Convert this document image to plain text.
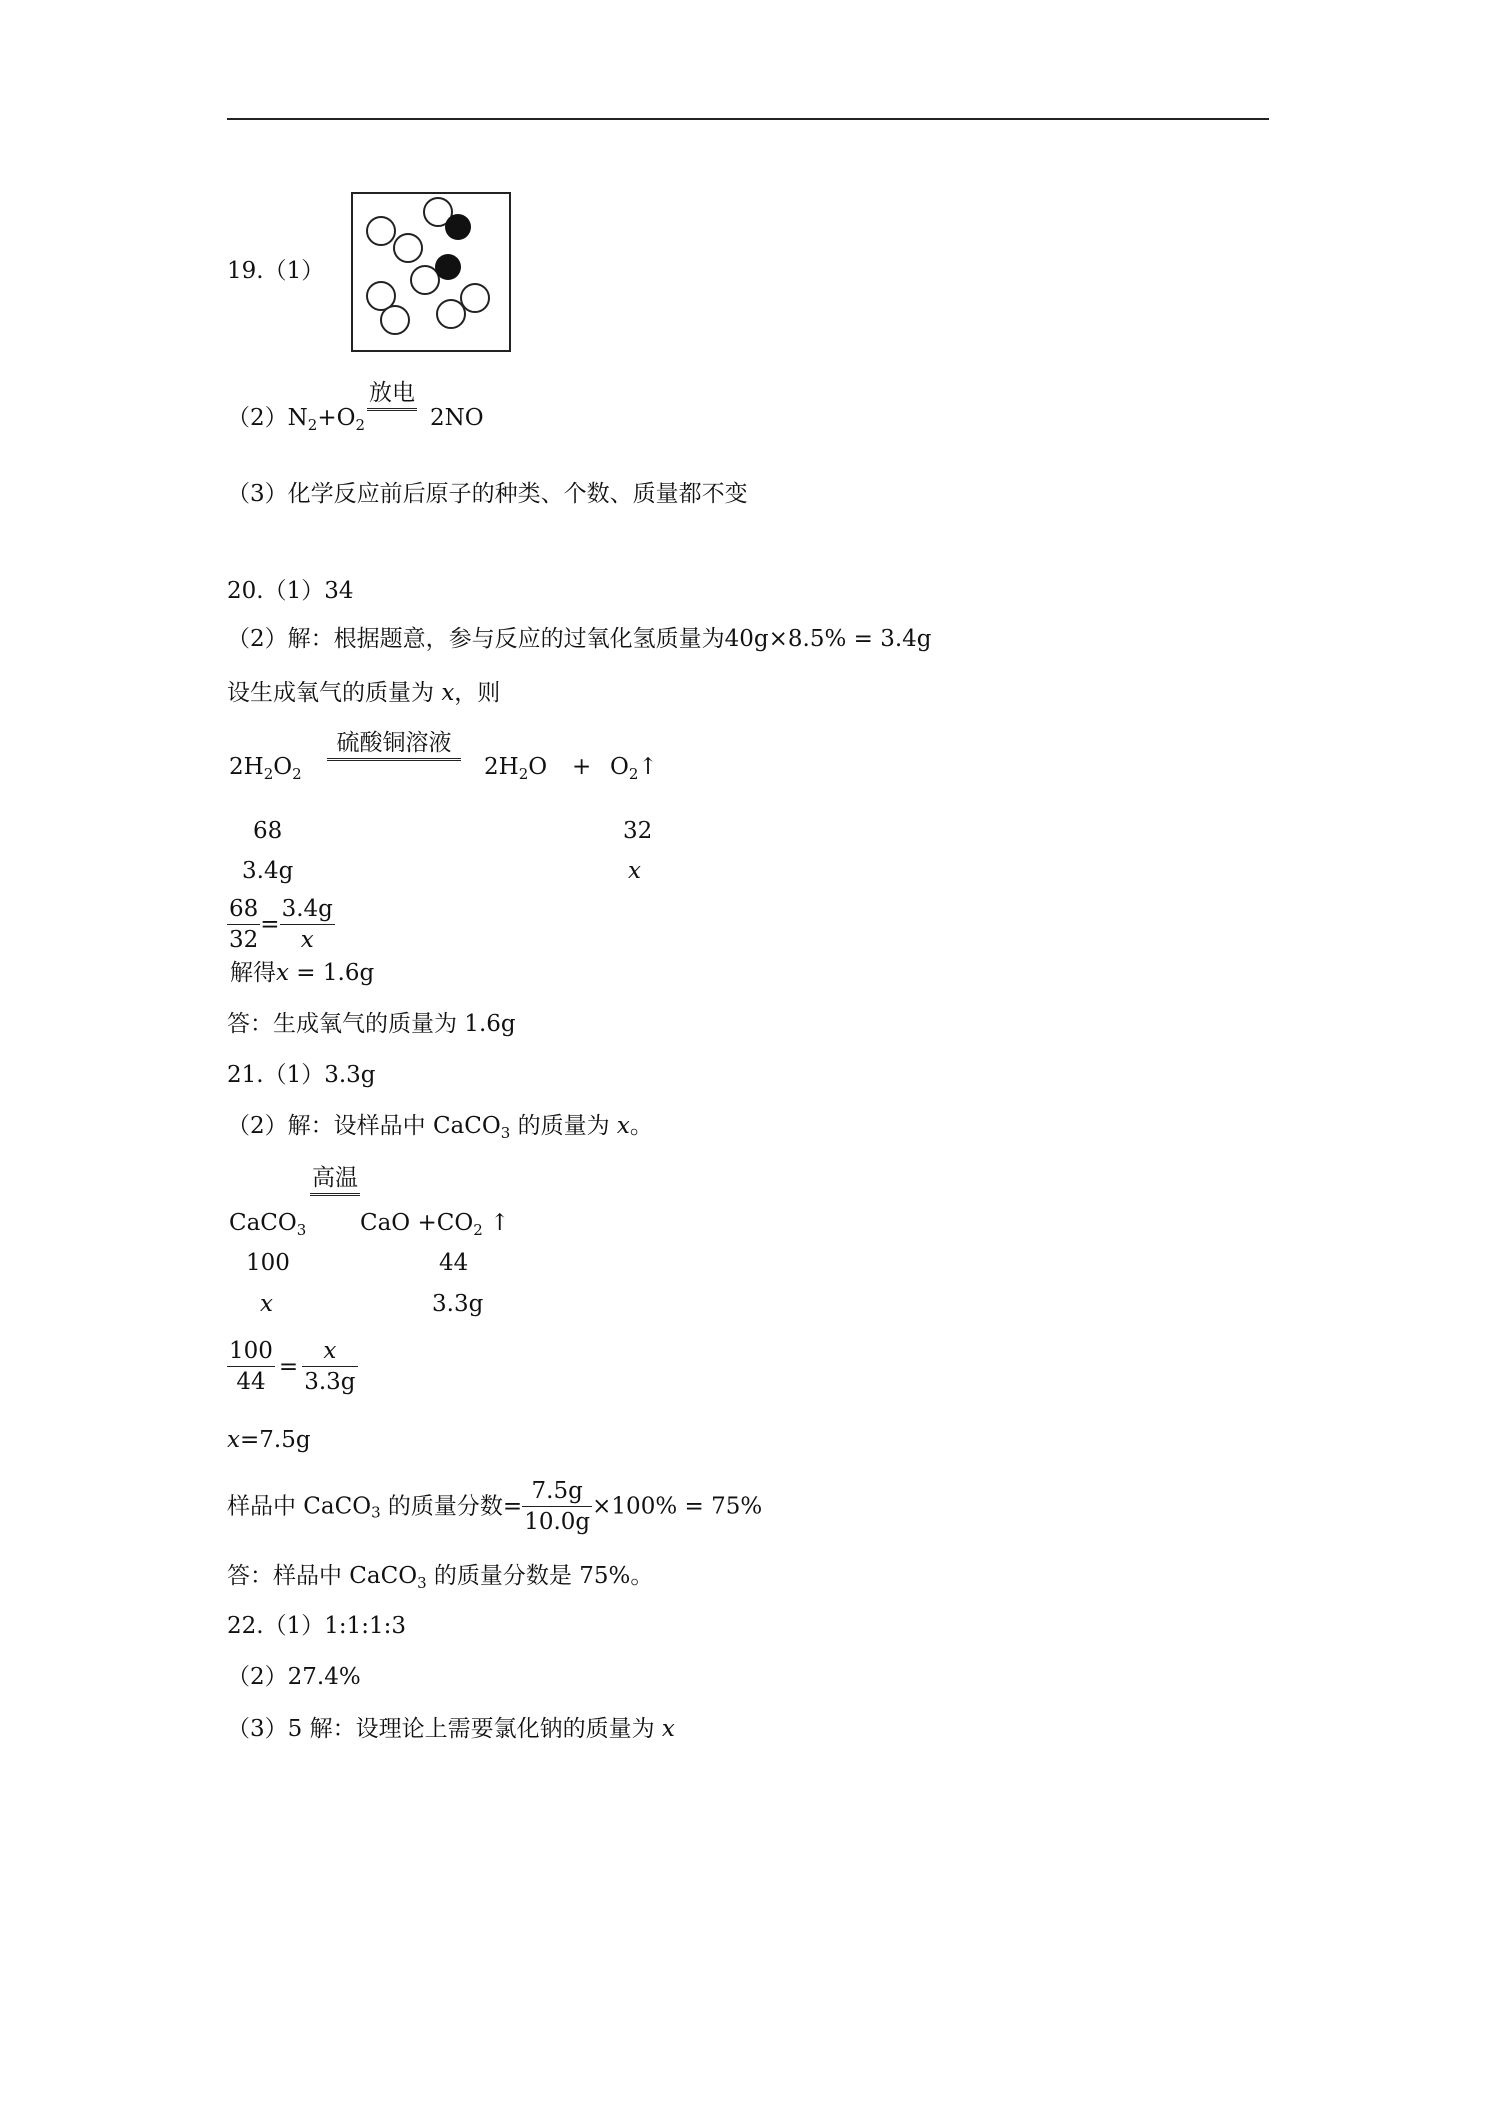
19.（1）
$(2)N_2+O_2$
放电
2NO
（3）化学反应前后原子的种类、个数、质量都不变
20.（1）34
（2）解：根据题意，参与反应的过氧化氢质量为40g×8.5% = 3.4g
设生成氧气的质量为 x，则
$2H_2O_2$
硫酸铜溶液
$2H_2O$ + $O_2↑$
68	32
3.4g	x
$\frac{68}{32} = \frac{3.4g}{x}$
解得x = 1.6g
答：生成氧气的质量为 1.6g
21.（1）3.3g
（2）解：设样品中 CaCO$_3$ 的质量为 x。
高温
CaCO$_3$ CaO $+CO_2$ ↑
100	44
x	3.3g
$\frac{100}{44} = \frac{x}{3.3g}$
x=7.5g
样品中 CaCO$_3$ 的质量分数= $\frac{7.5g}{10.0g} \times 100\% = 75\%$
答：样品中 CaCO$_3$ 的质量分数是 75%。
22.（1）1:1:1:3
（2）27.4%
（3）5 解：设理论上需要氯化钠的质量为 x
